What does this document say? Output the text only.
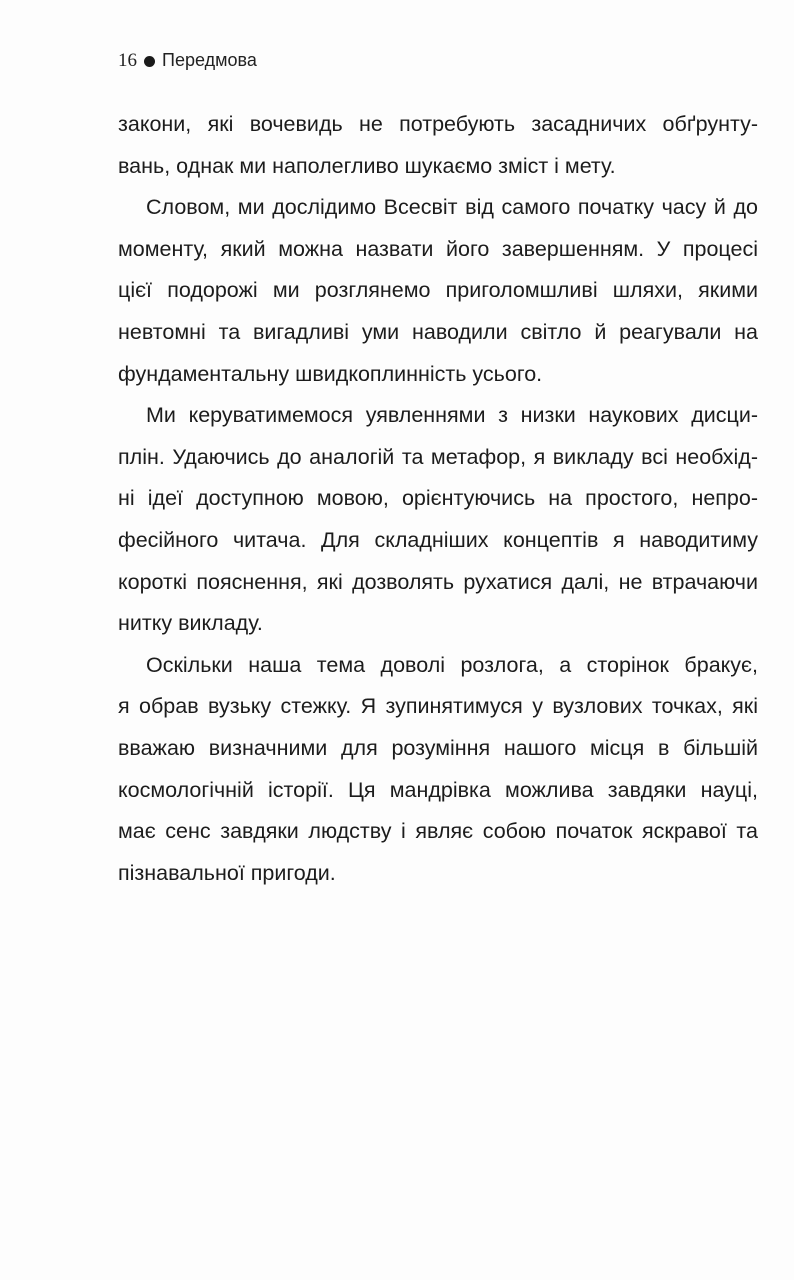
16 Передмова
закони, які вочевидь не потребують засадничих обґрунту-
вань, однак ми наполегливо шукаємо зміст і мету.
Словом, ми дослідимо Всесвіт від самого початку часу й до
моменту, який можна назвати його завершенням. У процесі
цієї подорожі ми розглянемо приголомшливі шляхи, якими
невтомні та вигадливі уми наводили світло й реагували на
фундаментальну швидкоплинність усього.
Ми керуватимемося уявленнями з низки наукових дисци-
плін. Удаючись до аналогій та метафор, я викладу всі необхід-
ні ідеї доступною мовою, орієнтуючись на простого, непро-
фесійного читача. Для складніших концептів я наводитиму
короткі пояснення, які дозволять рухатися далі, не втрачаючи
нитку викладу.
Оскільки наша тема доволі розлога, а сторінок бракує,
я обрав вузьку стежку. Я зупинятимуся у вузлових точках, які
вважаю визначними для розуміння нашого місця в більшій
космологічній історії. Ця мандрівка можлива завдяки науці,
має сенс завдяки людству і являє собою початок яскравої та
пізнавальної пригоди.
